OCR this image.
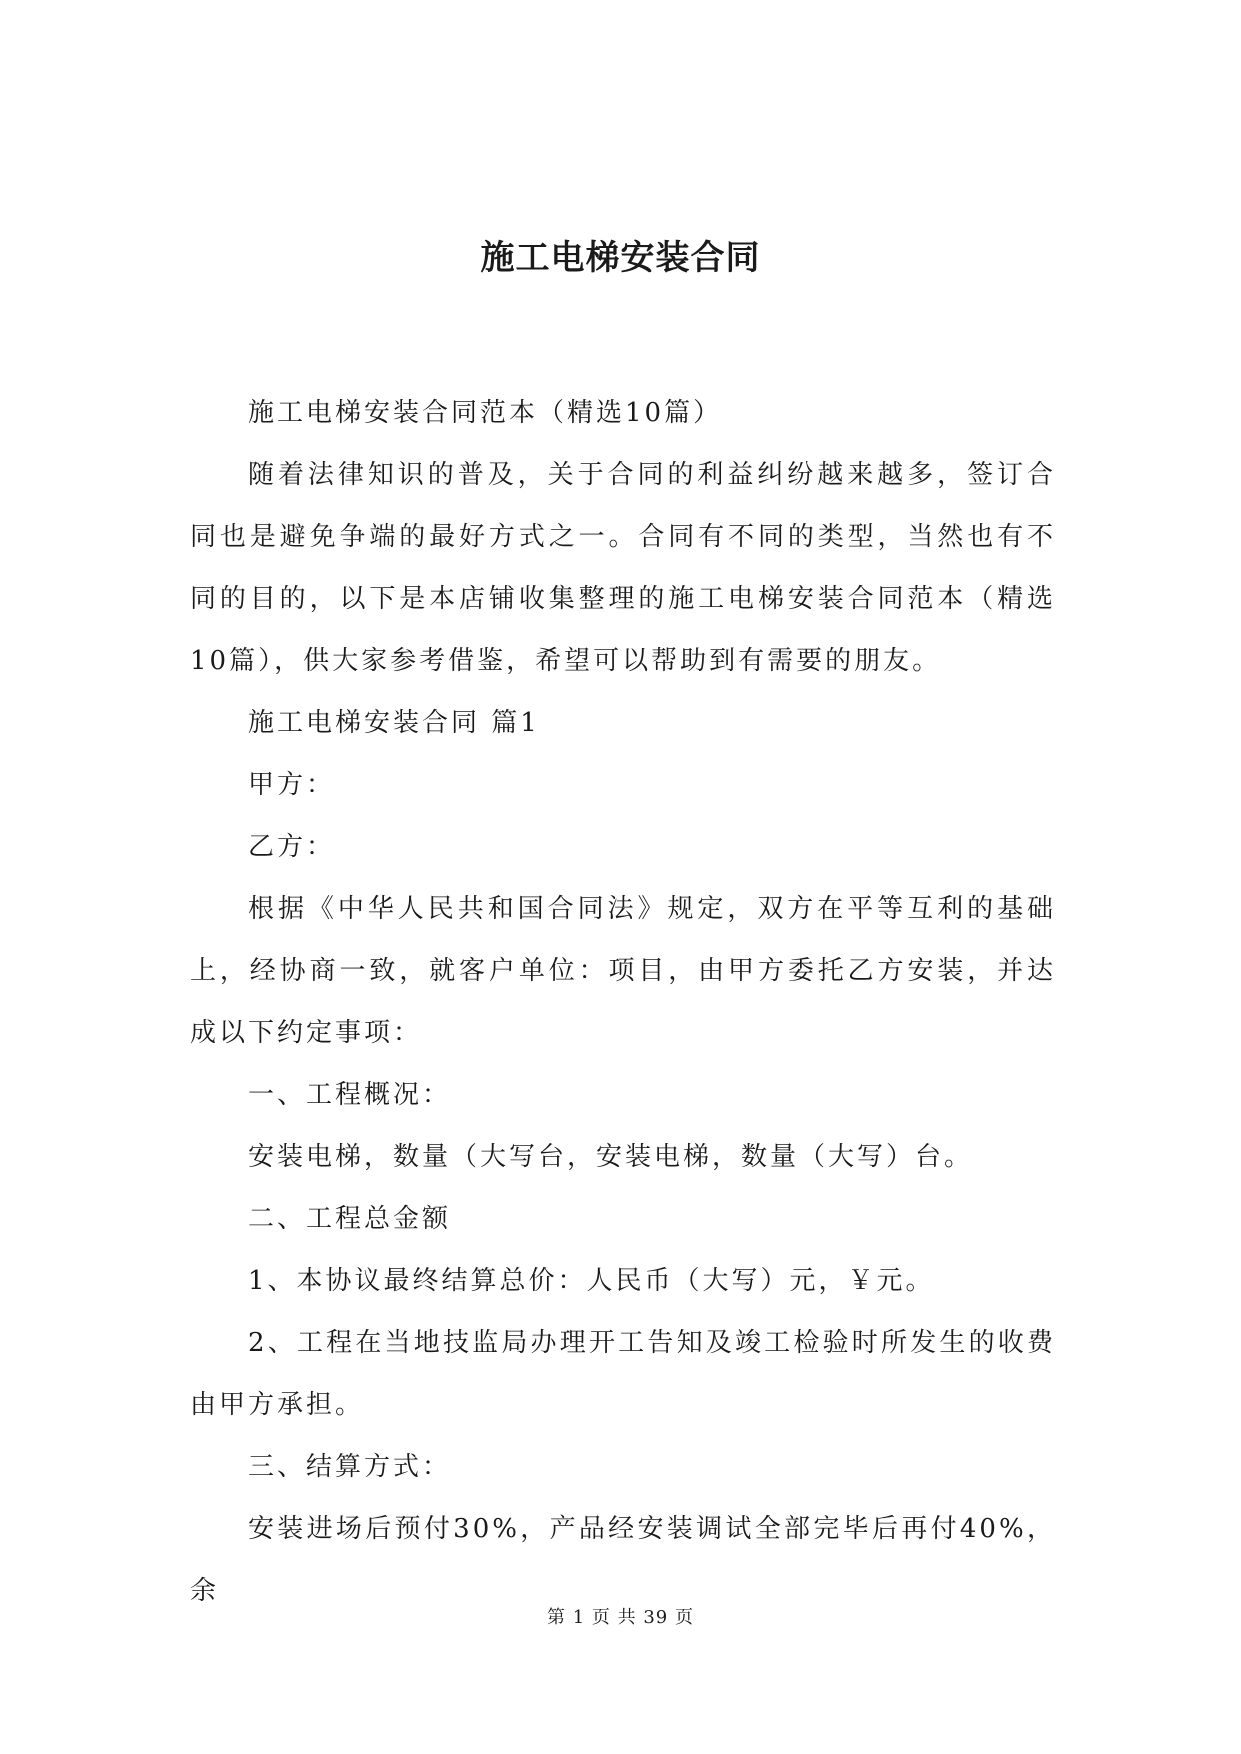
施工电梯安装合同

施工电梯安装合同范本（精选10篇）

随着法律知识的普及，关于合同的利益纠纷越来越多，签订合同也是避免争端的最好方式之一。合同有不同的类型，当然也有不同的目的，以下是本店铺收集整理的施工电梯安装合同范本（精选10篇），供大家参考借鉴，希望可以帮助到有需要的朋友。

施工电梯安装合同 篇1

甲方：

乙方：

根据《中华人民共和国合同法》规定，双方在平等互利的基础上，经协商一致，就客户单位：项目，由甲方委托乙方安装，并达成以下约定事项：

一、工程概况：

安装电梯，数量（大写台，安装电梯，数量（大写）台。

二、工程总金额

1、本协议最终结算总价：人民币（大写）元，￥元。

2、工程在当地技监局办理开工告知及竣工检验时所发生的收费由甲方承担。

三、结算方式：

安装进场后预付30%，产品经安装调试全部完毕后再付40%，余

第 1 页 共 39 页
